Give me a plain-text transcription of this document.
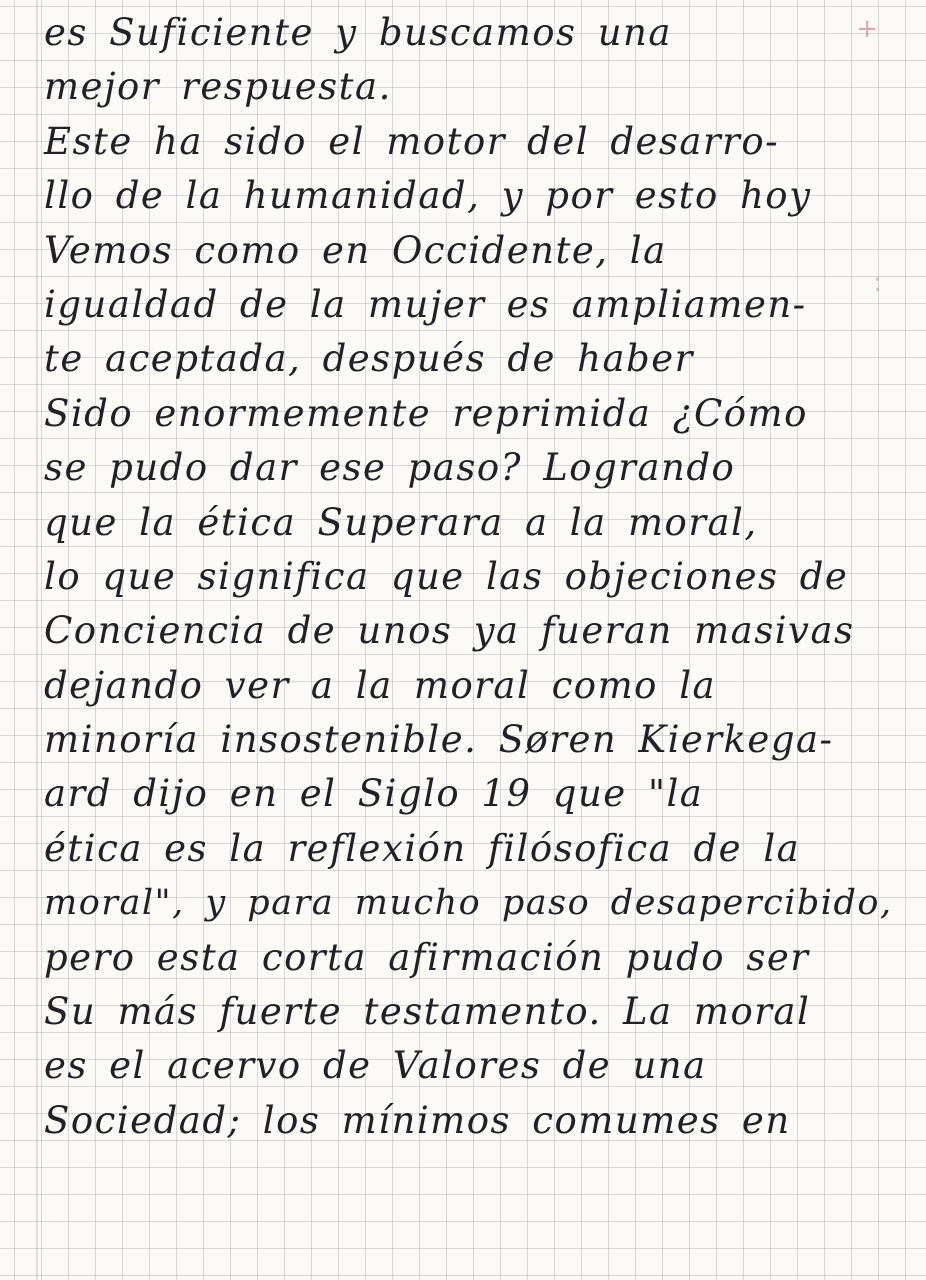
+
:
es Suficiente y buscamos una
mejor respuesta.
Este ha sido el motor del desarro-
llo de la humanidad, y por esto hoy
Vemos como en Occidente, la
igualdad de la mujer es ampliamen-
te aceptada, después de haber
Sido enormemente reprimida ¿Cómo
se pudo dar ese paso? Logrando
que la ética Superara a la moral,
lo que significa que las objeciones de
Conciencia de unos ya fueran masivas
dejando ver a la moral como la
minoría insostenible. Søren Kierkega-
ard dijo en el Siglo 19 que "la
ética es la reflexión filósofica de la
moral", y para mucho paso desapercibido,
pero esta corta afirmación pudo ser
Su más fuerte testamento. La moral
es el acervo de Valores de una
Sociedad; los mínimos comumes en
